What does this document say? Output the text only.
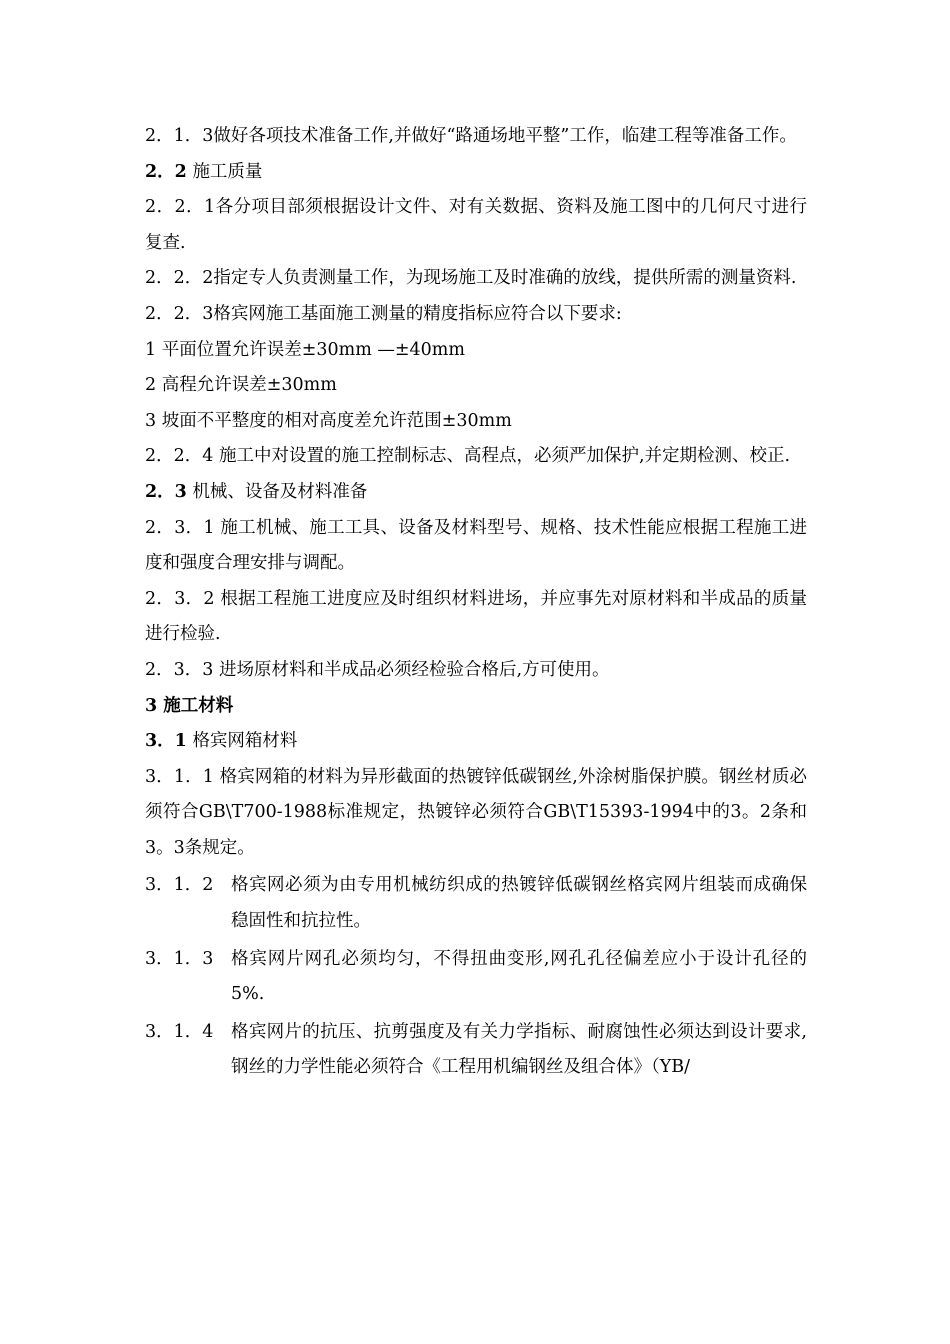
2．1．3做好各项技术准备工作,并做好“路通场地平整”工作，临建工程等准备工作。

2．2 施工质量

2．2．1各分项目部须根据设计文件、对有关数据、资料及施工图中的几何尺寸进行复查.

2．2．2指定专人负责测量工作，为现场施工及时准确的放线，提供所需的测量资料.

2．2．3格宾网施工基面施工测量的精度指标应符合以下要求:

1 平面位置允许误差±30mm —±40mm

2 高程允许误差±30mm

3 坡面不平整度的相对高度差允许范围±30mm

2．2．4 施工中对设置的施工控制标志、高程点，必须严加保护,并定期检测、校正.

2．3 机械、设备及材料准备

2．3．1 施工机械、施工工具、设备及材料型号、规格、技术性能应根据工程施工进度和强度合理安排与调配。

2．3．2 根据工程施工进度应及时组织材料进场，并应事先对原材料和半成品的质量进行检验.

2．3．3 进场原材料和半成品必须经检验合格后,方可使用。

3 施工材料

3．1 格宾网箱材料

3．1．1 格宾网箱的材料为异形截面的热镀锌低碳钢丝,外涂树脂保护膜。钢丝材质必须符合GB\T700-1988标准规定，热镀锌必须符合GB\T15393-1994中的3。2条和3。3条规定。

3．1．2 格宾网必须为由专用机械纺织成的热镀锌低碳钢丝格宾网片组装而成确保稳固性和抗拉性。

3．1．3 格宾网片网孔必须均匀，不得扭曲变形,网孔孔径偏差应小于设计孔径的5%.

3．1．4 格宾网片的抗压、抗剪强度及有关力学指标、耐腐蚀性必须达到设计要求,钢丝的力学性能必须符合《工程用机编钢丝及组合体》（YB/
